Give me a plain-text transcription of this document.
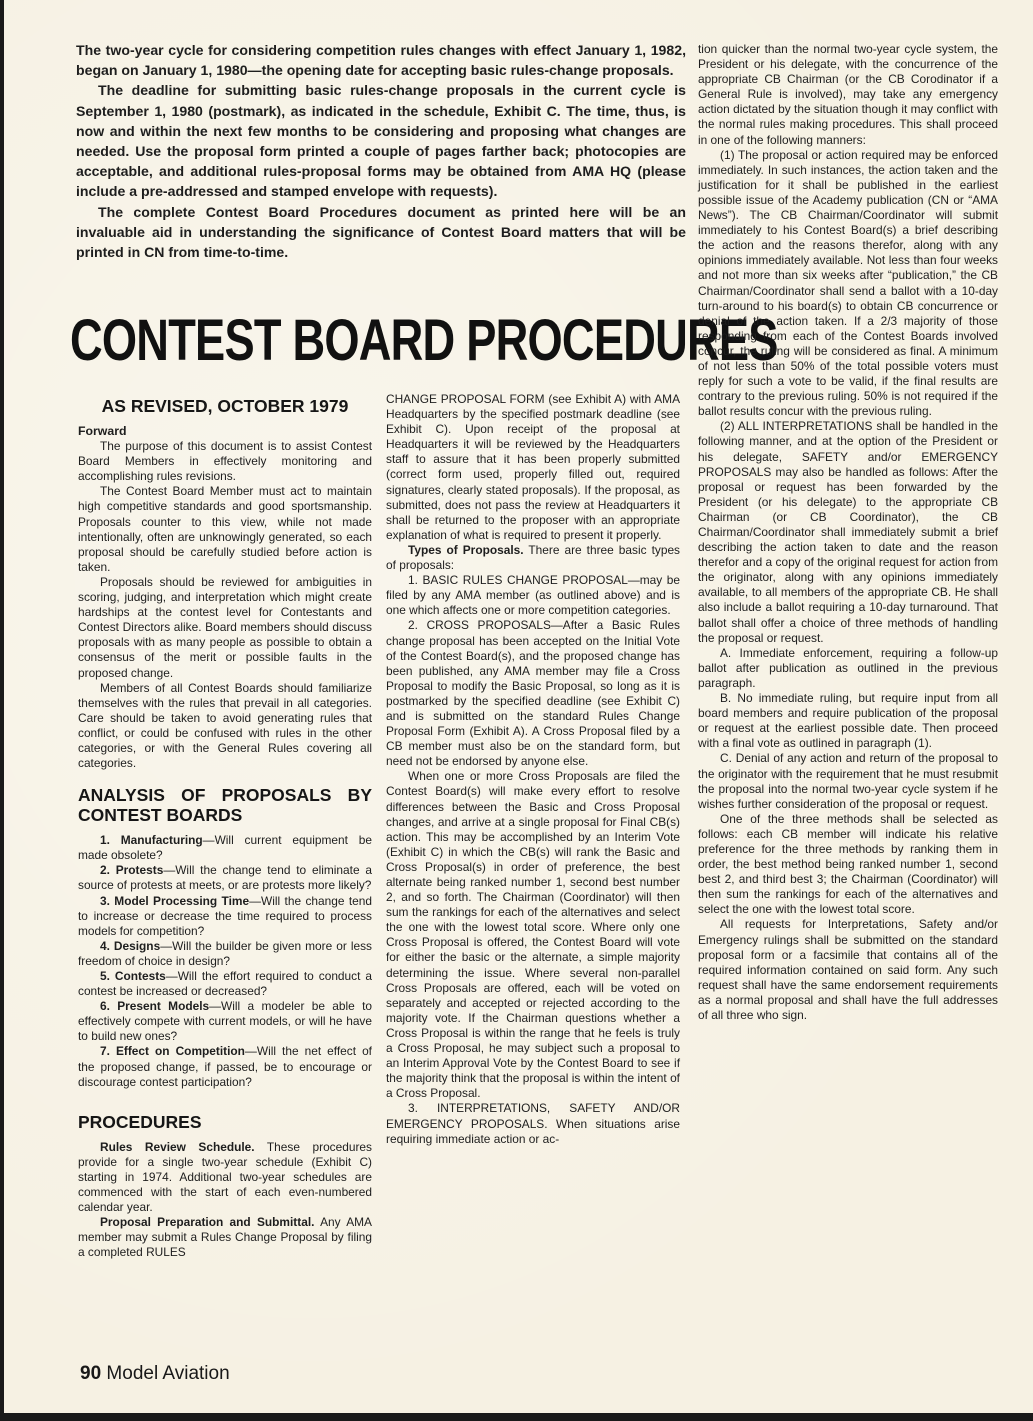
The two-year cycle for considering competition rules changes with effect January 1, 1982, began on January 1, 1980—the opening date for accepting basic rules-change proposals.

The deadline for submitting basic rules-change proposals in the current cycle is September 1, 1980 (postmark), as indicated in the schedule, Exhibit C. The time, thus, is now and within the next few months to be considering and proposing what changes are needed. Use the proposal form printed a couple of pages farther back; photocopies are acceptable, and additional rules-proposal forms may be obtained from AMA HQ (please include a pre-addressed and stamped envelope with requests).

The complete Contest Board Procedures document as printed here will be an invaluable aid in understanding the significance of Contest Board matters that will be printed in CN from time-to-time.

CONTEST BOARD PROCEDURES
AS REVISED, OCTOBER 1979
Forward

The purpose of this document is to assist Contest Board Members in effectively monitoring and accomplishing rules revisions.

The Contest Board Member must act to maintain high competitive standards and good sportsmanship. Proposals counter to this view, while not made intentionally, often are unknowingly generated, so each proposal should be carefully studied before action is taken.

Proposals should be reviewed for ambiguities in scoring, judging, and interpretation which might create hardships at the contest level for Contestants and Contest Directors alike. Board members should discuss proposals with as many people as possible to obtain a consensus of the merit or possible faults in the proposed change.

Members of all Contest Boards should familiarize themselves with the rules that prevail in all categories. Care should be taken to avoid generating rules that conflict, or could be confused with rules in the other categories, or with the General Rules covering all categories.

ANALYSIS OF PROPOSALS BY CONTEST BOARDS

1. Manufacturing—Will current equipment be made obsolete?

2. Protests—Will the change tend to eliminate a source of protests at meets, or are protests more likely?

3. Model Processing Time—Will the change tend to increase or decrease the time required to process models for competition?

4. Designs—Will the builder be given more or less freedom of choice in design?

5. Contests—Will the effort required to conduct a contest be increased or decreased?

6. Present Models—Will a modeler be able to effectively compete with current models, or will he have to build new ones?

7. Effect on Competition—Will the net effect of the proposed change, if passed, be to encourage or discourage contest participation?

PROCEDURES

Rules Review Schedule. These procedures provide for a single two-year schedule (Exhibit C) starting in 1974. Additional two-year schedules are commenced with the start of each even-numbered calendar year.

Proposal Preparation and Submittal. Any AMA member may submit a Rules Change Proposal by filing a completed RULES

CHANGE PROPOSAL FORM (see Exhibit A) with AMA Headquarters by the specified postmark deadline (see Exhibit C). Upon receipt of the proposal at Headquarters it will be reviewed by the Headquarters staff to assure that it has been properly submitted (correct form used, properly filled out, required signatures, clearly stated proposals). If the proposal, as submitted, does not pass the review at Headquarters it shall be returned to the proposer with an appropriate explanation of what is required to present it properly.

Types of Proposals. There are three basic types of proposals:

1. BASIC RULES CHANGE PROPOSAL—may be filed by any AMA member (as outlined above) and is one which affects one or more competition categories.

2. CROSS PROPOSALS—After a Basic Rules change proposal has been accepted on the Initial Vote of the Contest Board(s), and the proposed change has been published, any AMA member may file a Cross Proposal to modify the Basic Proposal, so long as it is postmarked by the specified deadline (see Exhibit C) and is submitted on the standard Rules Change Proposal Form (Exhibit A). A Cross Proposal filed by a CB member must also be on the standard form, but need not be endorsed by anyone else.

When one or more Cross Proposals are filed the Contest Board(s) will make every effort to resolve differences between the Basic and Cross Proposal changes, and arrive at a single proposal for Final CB(s) action. This may be accomplished by an Interim Vote (Exhibit C) in which the CB(s) will rank the Basic and Cross Proposal(s) in order of preference, the best alternate being ranked number 1, second best number 2, and so forth. The Chairman (Coordinator) will then sum the rankings for each of the alternatives and select the one with the lowest total score. Where only one Cross Proposal is offered, the Contest Board will vote for either the basic or the alternate, a simple majority determining the issue. Where several non-parallel Cross Proposals are offered, each will be voted on separately and accepted or rejected according to the majority vote. If the Chairman questions whether a Cross Proposal is within the range that he feels is truly a Cross Proposal, he may subject such a proposal to an Interim Approval Vote by the Contest Board to see if the majority think that the proposal is within the intent of a Cross Proposal.

3. INTERPRETATIONS, SAFETY AND/OR EMERGENCY PROPOSALS. When situations arise requiring immediate action or ac-

tion quicker than the normal two-year cycle system, the President or his delegate, with the concurrence of the appropriate CB Chairman (or the CB Corodinator if a General Rule is involved), may take any emergency action dictated by the situation though it may conflict with the normal rules making procedures. This shall proceed in one of the following manners:

(1) The proposal or action required may be enforced immediately. In such instances, the action taken and the justification for it shall be published in the earliest possible issue of the Academy publication (CN or “AMA News”). The CB Chairman/Coordinator will submit immediately to his Contest Board(s) a brief describing the action and the reasons therefor, along with any opinions immediately available. Not less than four weeks and not more than six weeks after “publication,” the CB Chairman/Coordinator shall send a ballot with a 10-day turn-around to his board(s) to obtain CB concurrence or denial of the action taken. If a 2/3 majority of those responding from each of the Contest Boards involved concur, the ruling will be considered as final. A minimum of not less than 50% of the total possible voters must reply for such a vote to be valid, if the final results are contrary to the previous ruling. 50% is not required if the ballot results concur with the previous ruling.

(2) ALL INTERPRETATIONS shall be handled in the following manner, and at the option of the President or his delegate, SAFETY and/or EMERGENCY PROPOSALS may also be handled as follows: After the proposal or request has been forwarded by the President (or his delegate) to the appropriate CB Chairman (or CB Coordinator), the CB Chairman/Coordinator shall immediately submit a brief describing the action taken to date and the reason therefor and a copy of the original request for action from the originator, along with any opinions immediately available, to all members of the appropriate CB. He shall also include a ballot requiring a 10-day turnaround. That ballot shall offer a choice of three methods of handling the proposal or request.

A. Immediate enforcement, requiring a follow-up ballot after publication as outlined in the previous paragraph.

B. No immediate ruling, but require input from all board members and require publication of the proposal or request at the earliest possible date. Then proceed with a final vote as outlined in paragraph (1).

C. Denial of any action and return of the proposal to the originator with the requirement that he must resubmit the proposal into the normal two-year cycle system if he wishes further consideration of the proposal or request.

One of the three methods shall be selected as follows: each CB member will indicate his relative preference for the three methods by ranking them in order, the best method being ranked number 1, second best 2, and third best 3; the Chairman (Coordinator) will then sum the rankings for each of the alternatives and select the one with the lowest total score.

All requests for Interpretations, Safety and/or Emergency rulings shall be submitted on the standard proposal form or a facsimile that contains all of the required information contained on said form. Any such request shall have the same endorsement requirements as a normal proposal and shall have the full addresses of all three who sign.

90 Model Aviation
